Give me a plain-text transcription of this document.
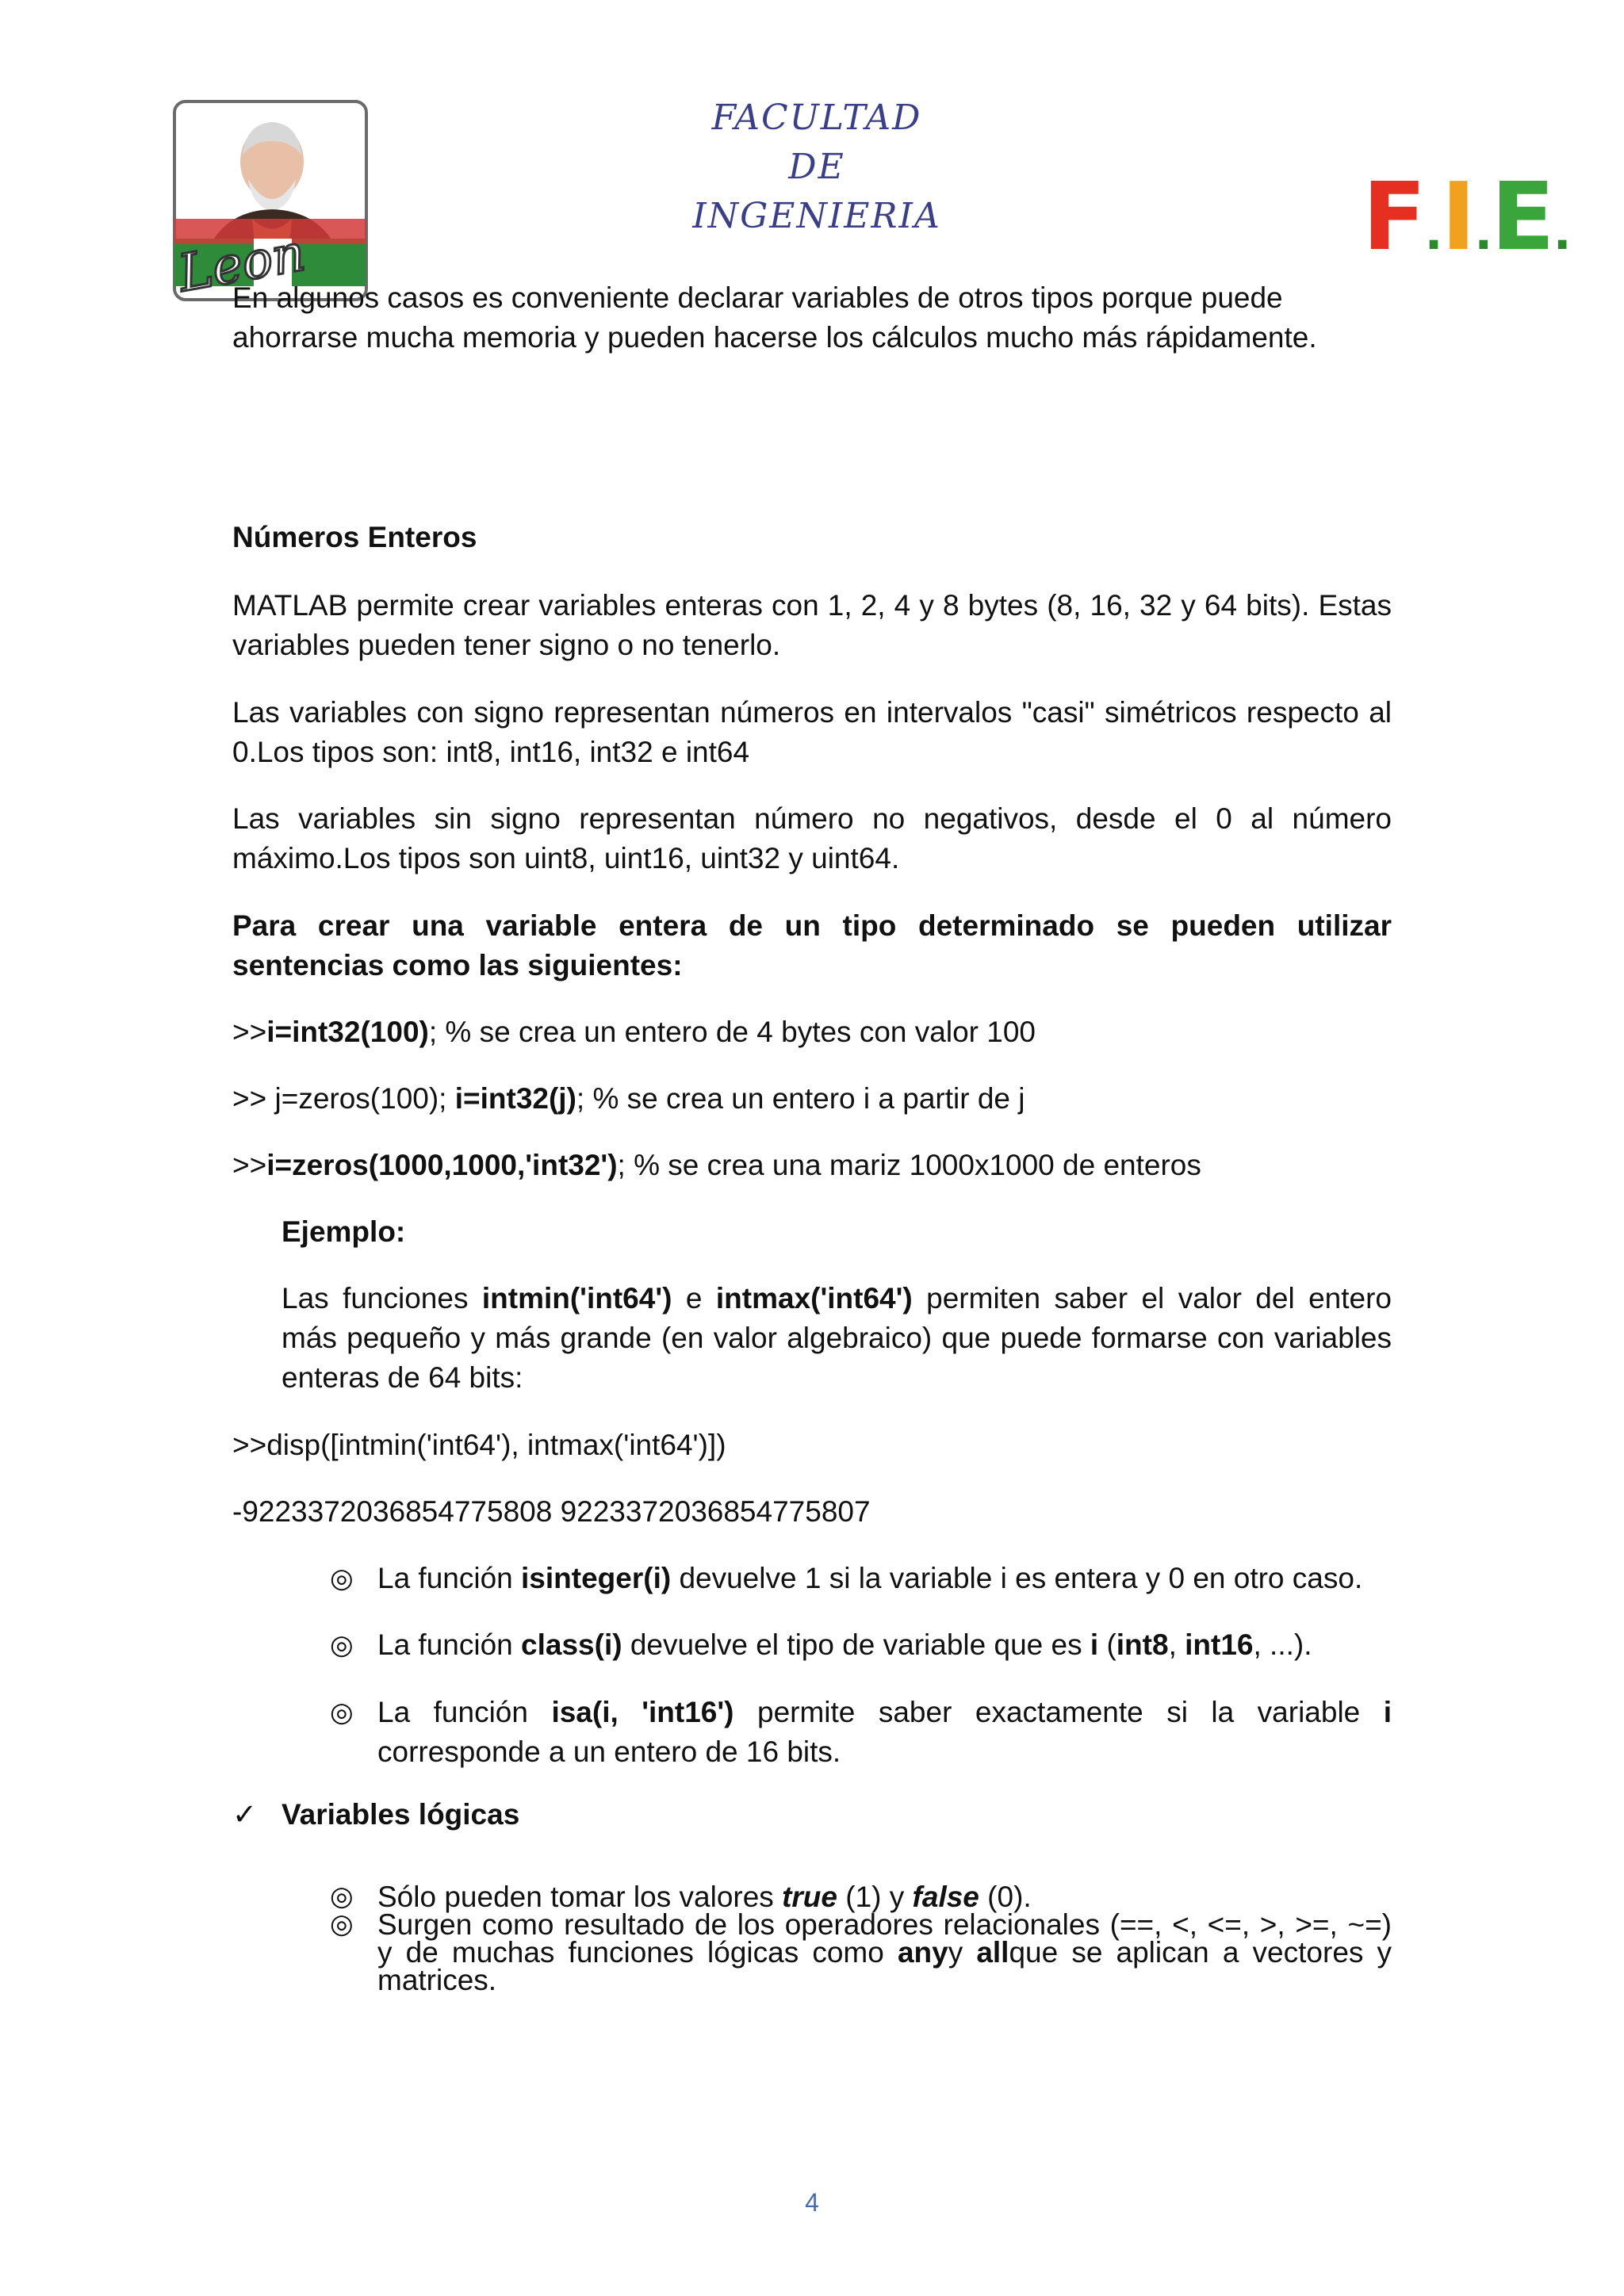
FACULTAD
DE
INGENIERIA
Leon	F.I.E.
En algunos casos es conveniente declarar variables de otros tipos porque puede
ahorrarse mucha memoria y pueden hacerse los cálculos mucho más rápidamente.
Números Enteros
MATLAB permite crear variables enteras con 1, 2, 4 y 8 bytes (8, 16, 32 y 64 bits). Estas variables pueden tener signo o no tenerlo.
Las variables con signo representan números en intervalos "casi" simétricos respecto al 0.Los tipos son: int8, int16, int32 e int64
Las variables sin signo representan número no negativos, desde el 0 al número máximo.Los tipos son uint8, uint16, uint32 y uint64.
Para crear una variable entera de un tipo determinado se pueden utilizar sentencias como las siguientes:
>>i=int32(100); % se crea un entero de 4 bytes con valor 100
>> j=zeros(100); i=int32(j); % se crea un entero i a partir de j
>>i=zeros(1000,1000,'int32'); % se crea una mariz 1000x1000 de enteros
Ejemplo:
Las funciones intmin('int64') e intmax('int64') permiten saber el valor del entero más pequeño y más grande (en valor algebraico) que puede formarse con variables enteras de 64 bits:
>>disp([intmin('int64'), intmax('int64')])
-9223372036854775808 9223372036854775807
◎ La función isinteger(i) devuelve 1 si la variable i es entera y 0 en otro caso.
◎ La función class(i) devuelve el tipo de variable que es i (int8, int16, ...).
◎ La función isa(i, 'int16') permite saber exactamente si la variable i corresponde a un entero de 16 bits.
✓ Variables lógicas
◎ Sólo pueden tomar los valores true (1) y false (0).
◎ Surgen como resultado de los operadores relacionales (==, <, <=, >, >=, ~=) y de muchas funciones lógicas como anyy allque se aplican a vectores y matrices.
4
